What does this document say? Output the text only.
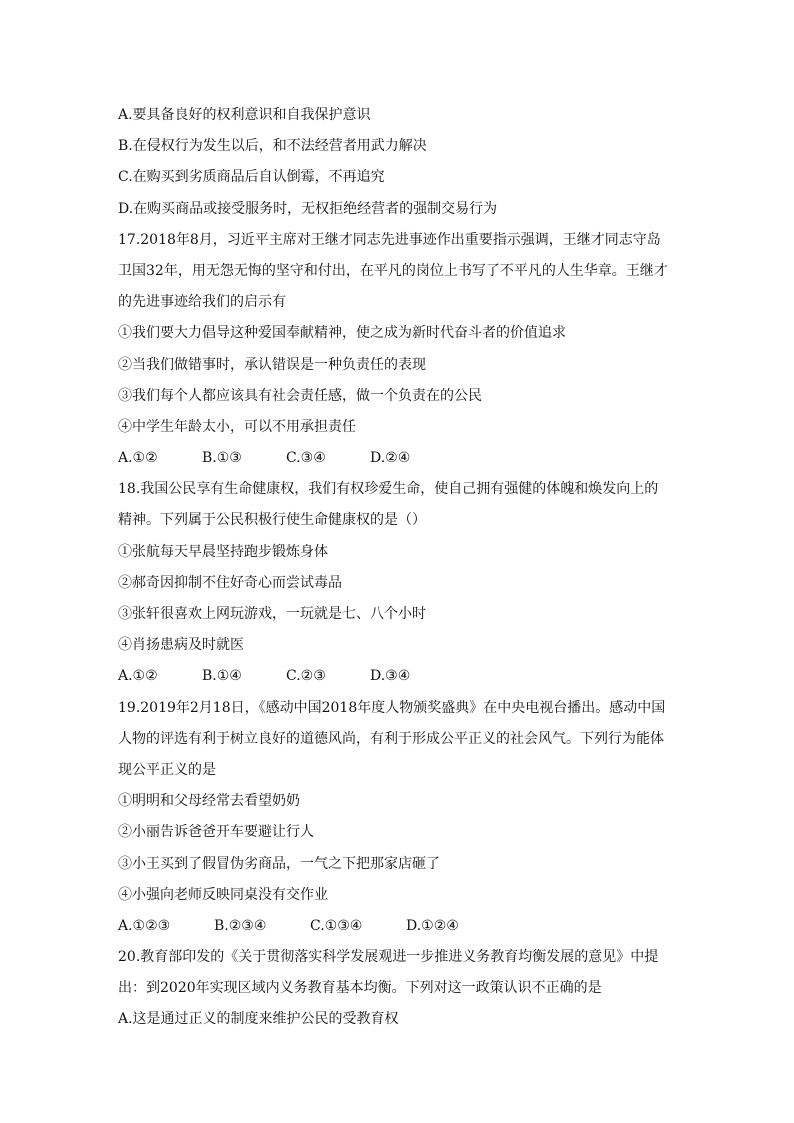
A.要具备良好的权利意识和自我保护意识
B.在侵权行为发生以后，和不法经营者用武力解决
C.在购买到劣质商品后自认倒霉，不再追究
D.在购买商品或接受服务时，无权拒绝经营者的强制交易行为
17.2018年8月，习近平主席对王继才同志先进事迹作出重要指示强调，王继才同志守岛
卫国32年，用无怨无悔的坚守和付出，在平凡的岗位上书写了不平凡的人生华章。王继才
的先进事迹给我们的启示有
①我们要大力倡导这种爱国奉献精神，使之成为新时代奋斗者的价值追求
②当我们做错事时，承认错误是一种负责任的表现
③我们每个人都应该具有社会责任感，做一个负责在的公民
④中学生年龄太小，可以不用承担责任
A.①②	B.①③	C.③④	D.②④
18.我国公民享有生命健康权，我们有权珍爱生命，使自己拥有强健的体魄和焕发向上的
精神。下列属于公民积极行使生命健康权的是（）
①张航每天早晨坚持跑步锻炼身体
②郝奇因抑制不住好奇心而尝试毒品
③张轩很喜欢上网玩游戏，一玩就是七、八个小时
④肖扬患病及时就医
A.①②	B.①④	C.②③	D.③④
19.2019年2月18日，《感动中国2018年度人物颁奖盛典》在中央电视台播出。感动中国
人物的评选有利于树立良好的道德风尚，有利于形成公平正义的社会风气。下列行为能体
现公平正义的是
①明明和父母经常去看望奶奶
②小丽告诉爸爸开车要避让行人
③小王买到了假冒伪劣商品，一气之下把那家店砸了
④小强向老师反映同桌没有交作业
A.①②③	B.②③④	C.①③④	D.①②④
20.教育部印发的《关于贯彻落实科学发展观进一步推进义务教育均衡发展的意见》中提
出：到2020年实现区域内义务教育基本均衡。下列对这一政策认识不正确的是
A.这是通过正义的制度来维护公民的受教育权
